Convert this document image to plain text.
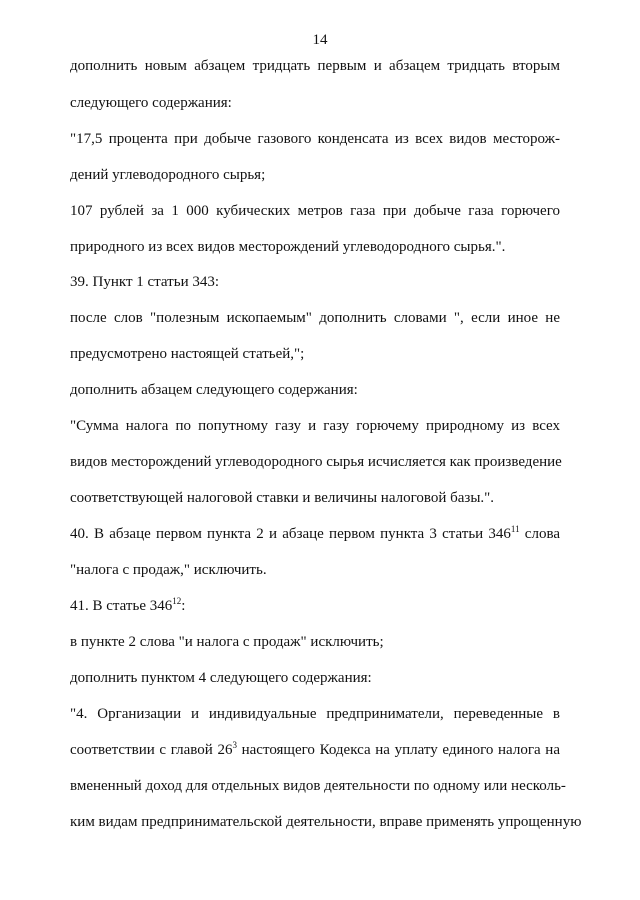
14
дополнить новым абзацем тридцать первым и абзацем тридцать вторым
следующего содержания:
"17,5 процента при добыче газового конденсата из всех видов месторож-
дений углеводородного сырья;
107 рублей за 1 000 кубических метров газа при добыче газа горючего
природного из всех видов месторождений углеводородного сырья.".
39. Пункт 1 статьи 343:
после слов "полезным ископаемым" дополнить словами ", если иное не
предусмотрено настоящей статьей,";
дополнить абзацем следующего содержания:
"Сумма налога по попутному газу и газу горючему природному из всех
видов месторождений углеводородного сырья исчисляется как произведение
соответствующей налоговой ставки и величины налоговой базы.".
40. В абзаце первом пункта 2 и абзаце первом пункта 3 статьи $346^{11}$ слова
"налога с продаж," исключить.
41. В статье $346^{12}$:
в пункте 2 слова "и налога с продаж" исключить;
дополнить пунктом 4 следующего содержания:
"4. Организации и индивидуальные предприниматели, переведенные в
соответствии с главой $26^3$ настоящего Кодекса на уплату единого налога на
вмененный доход для отдельных видов деятельности по одному или несколь-
ким видам предпринимательской деятельности, вправе применять упрощенную
